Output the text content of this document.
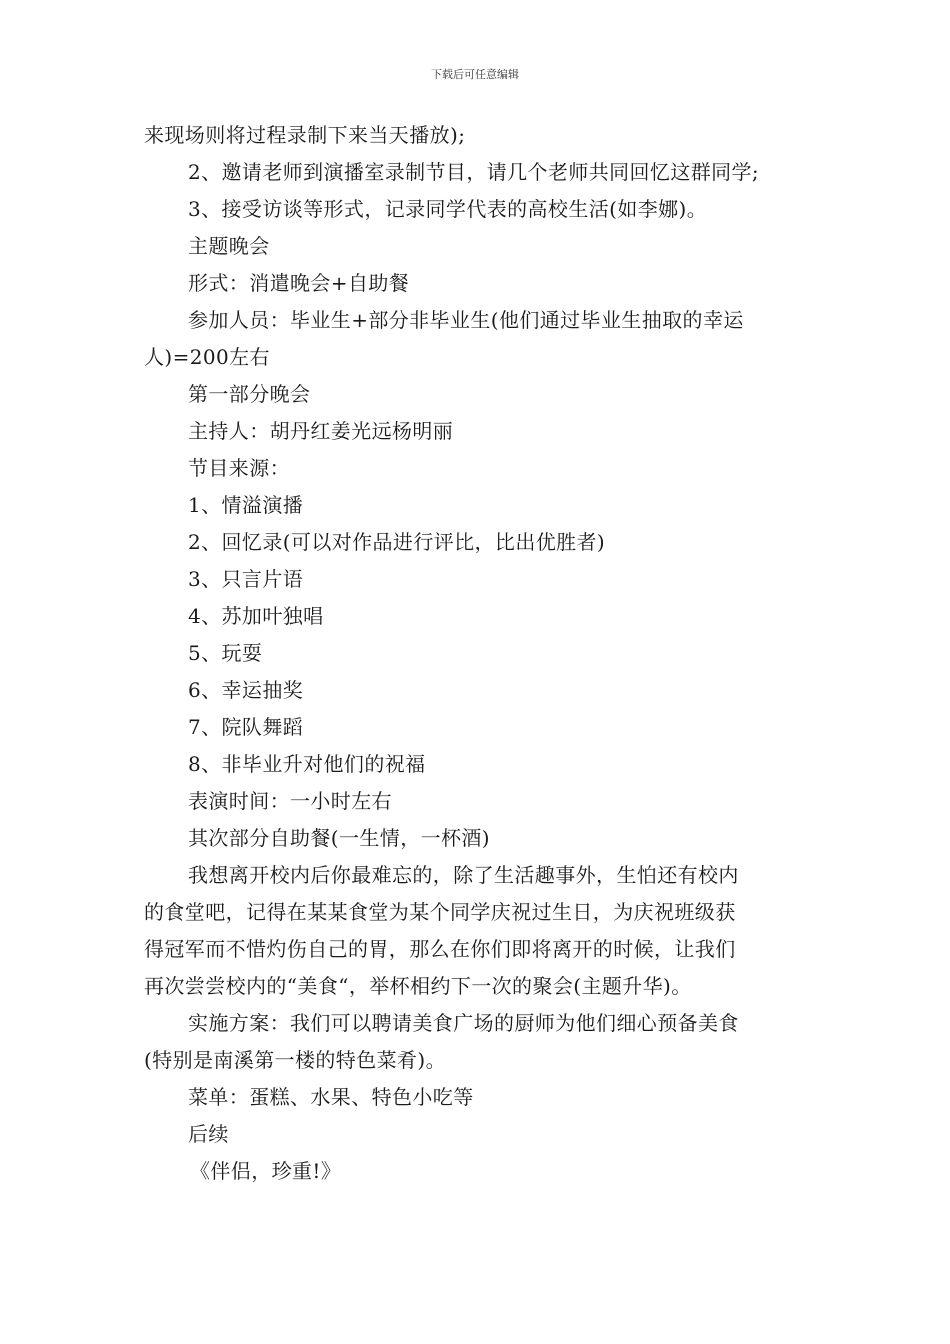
下载后可任意编辑
来现场则将过程录制下来当天播放);
2、邀请老师到演播室录制节目，请几个老师共同回忆这群同学;
3、接受访谈等形式，记录同学代表的高校生活(如李娜)。
主题晚会
形式：消遣晚会+自助餐
参加人员：毕业生+部分非毕业生(他们通过毕业生抽取的幸运
人)=200左右
第一部分晚会
主持人：胡丹红姜光远杨明丽
节目来源：
1、情溢演播
2、回忆录(可以对作品进行评比，比出优胜者)
3、只言片语
4、苏加叶独唱
5、玩耍
6、幸运抽奖
7、院队舞蹈
8、非毕业升对他们的祝福
表演时间：一小时左右
其次部分自助餐(一生情，一杯酒)
我想离开校内后你最难忘的，除了生活趣事外，生怕还有校内
的食堂吧，记得在某某食堂为某个同学庆祝过生日，为庆祝班级获
得冠军而不惜灼伤自己的胃，那么在你们即将离开的时候，让我们
再次尝尝校内的“美食“，举杯相约下一次的聚会(主题升华)。
实施方案：我们可以聘请美食广场的厨师为他们细心预备美食
(特别是南溪第一楼的特色菜肴)。
菜单：蛋糕、水果、特色小吃等
后续
《伴侣，珍重!》
